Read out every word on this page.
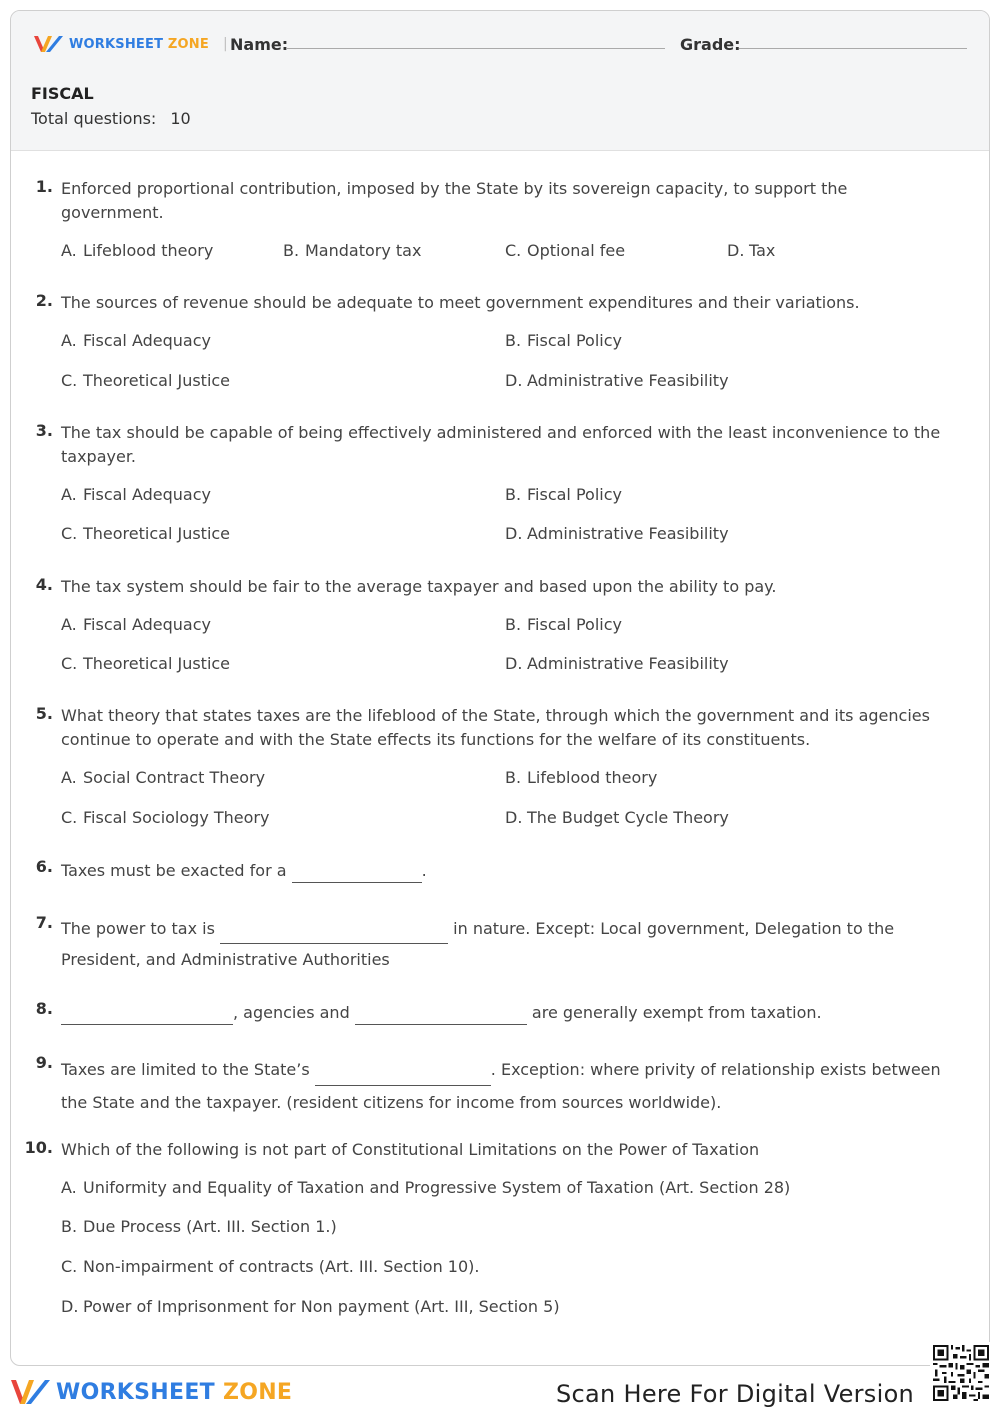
WORKSHEET ZONE | Name:	Grade:
FISCAL
Total questions: 10
1. Enforced proportional contribution, imposed by the State by its sovereign capacity, to support the government.
A. Lifeblood theory	B. Mandatory tax	C. Optional fee	D. Tax
2. The sources of revenue should be adequate to meet government expenditures and their variations.
A. Fiscal Adequacy	B. Fiscal Policy
C. Theoretical Justice	D. Administrative Feasibility
3. The tax should be capable of being effectively administered and enforced with the least inconvenience to the taxpayer.
A. Fiscal Adequacy	B. Fiscal Policy
C. Theoretical Justice	D. Administrative Feasibility
4. The tax system should be fair to the average taxpayer and based upon the ability to pay.
A. Fiscal Adequacy	B. Fiscal Policy
C. Theoretical Justice	D. Administrative Feasibility
5. What theory that states taxes are the lifeblood of the State, through which the government and its agencies continue to operate and with the State effects its functions for the welfare of its constituents.
A. Social Contract Theory	B. Lifeblood theory
C. Fiscal Sociology Theory	D. The Budget Cycle Theory
6. Taxes must be exacted for a	.
7. The power to tax is	in nature. Except: Local government, Delegation to the
President, and Administrative Authorities
8.	, agencies and	are generally exempt from taxation.
9. Taxes are limited to the State’s	. Exception: where privity of relationship exists between
the State and the taxpayer. (resident citizens for income from sources worldwide).
10. Which of the following is not part of Constitutional Limitations on the Power of Taxation
A. Uniformity and Equality of Taxation and Progressive System of Taxation (Art. Section 28)
B. Due Process (Art. III. Section 1.)
C. Non-impairment of contracts (Art. III. Section 10).
D. Power of Imprisonment for Non payment (Art. III, Section 5)
WORKSHEET ZONE	Scan Here For Digital Version
